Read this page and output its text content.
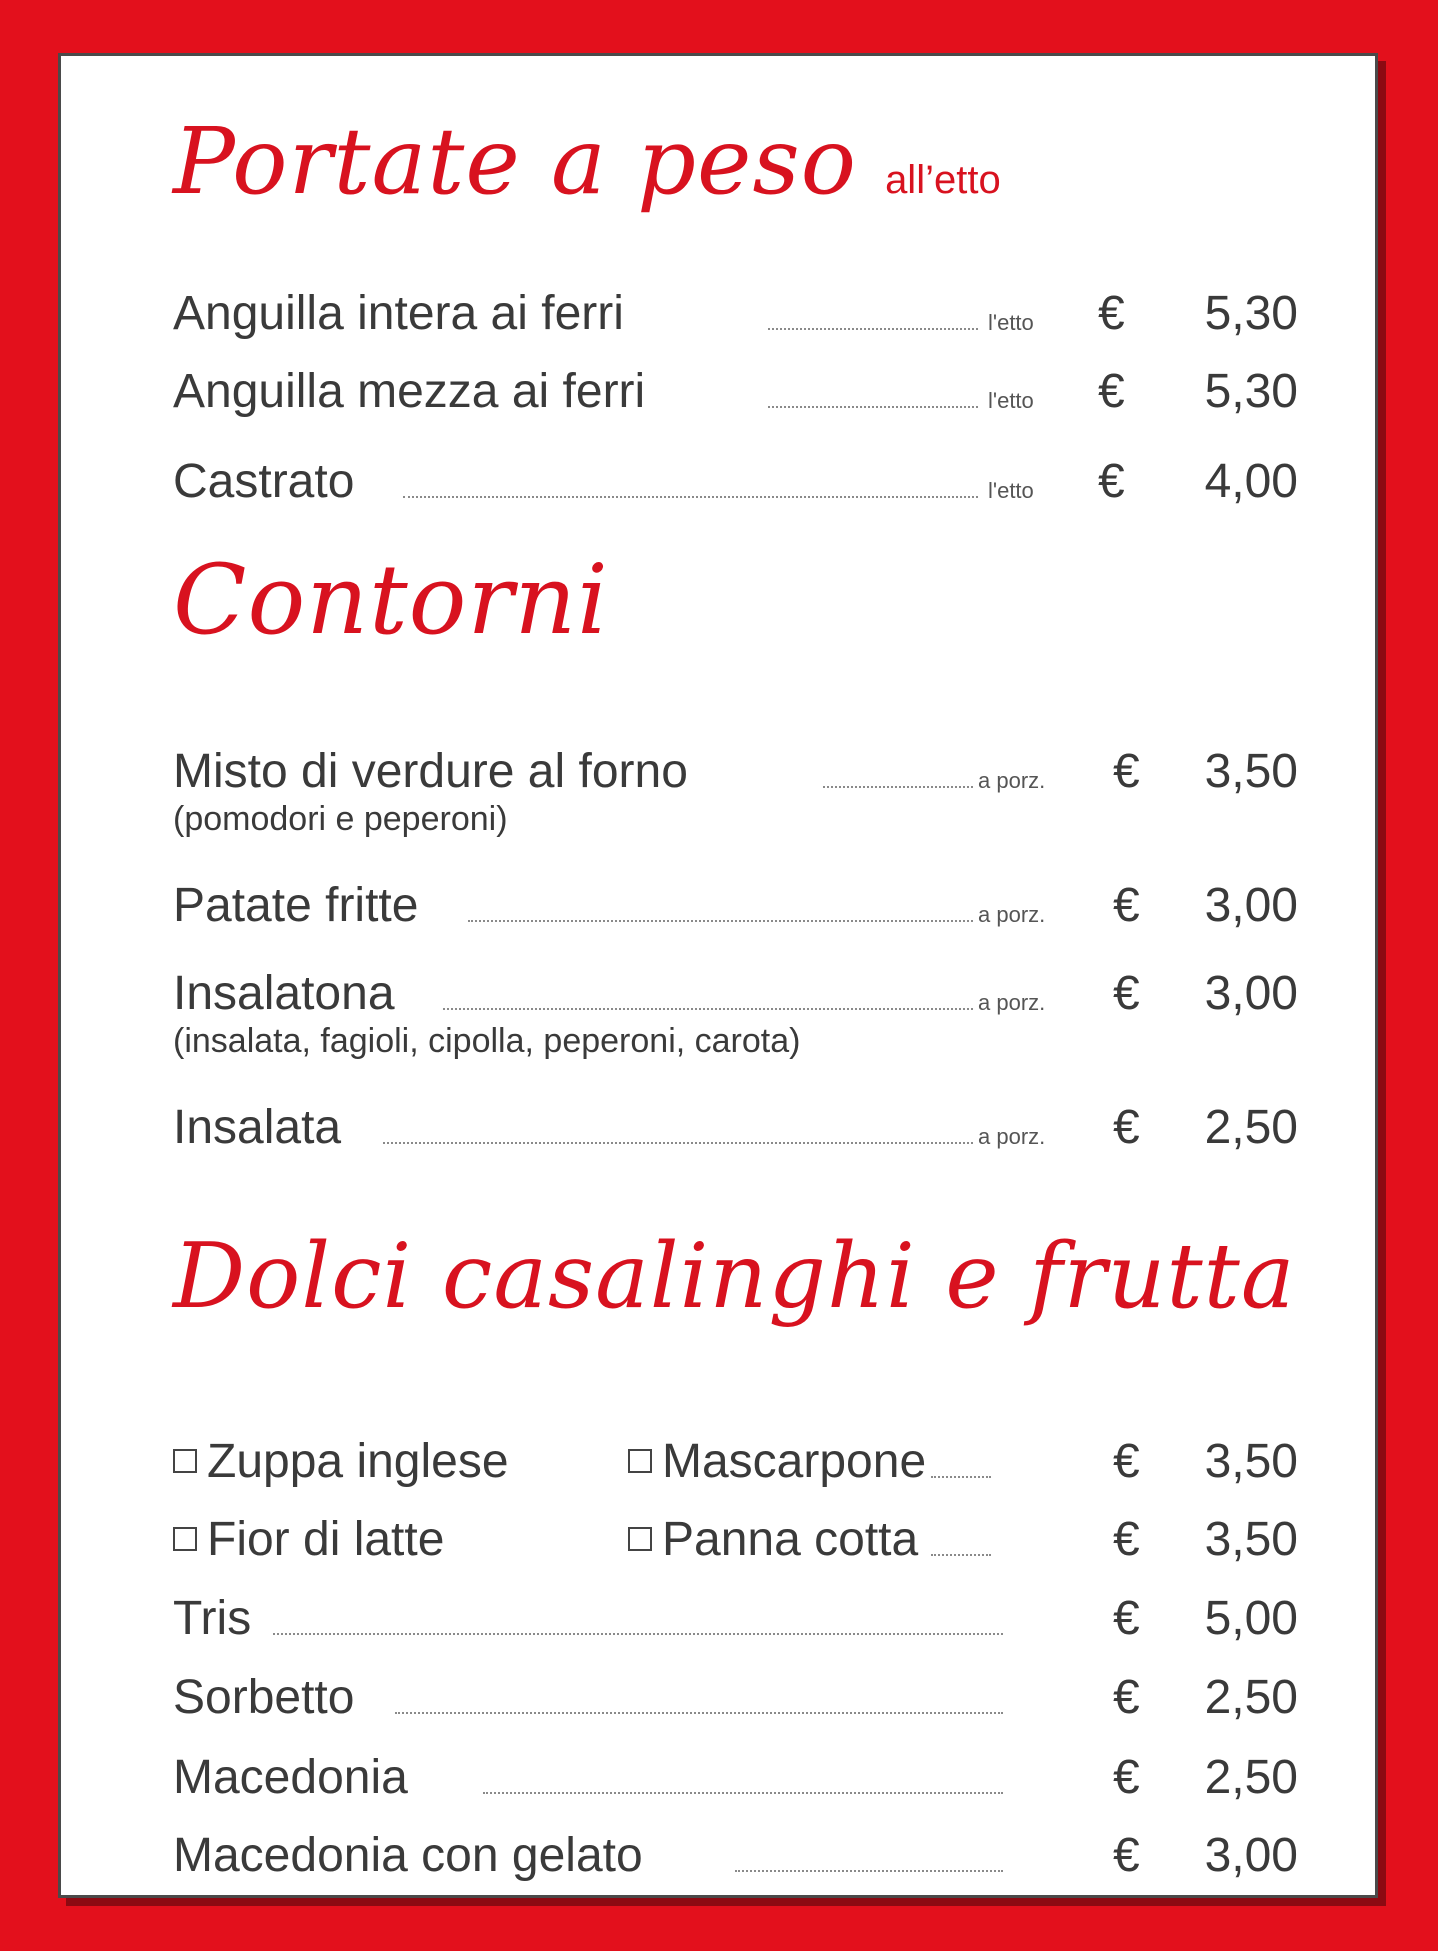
Portate a peso all’etto
Anguilla intera ai ferri	l'etto € 5,30
Anguilla mezza ai ferri	l'etto € 5,30
Castrato	l'etto € 4,00
Contorni
Misto di verdure al forno	a porz. € 3,50
(pomodori e peperoni)
Patate fritte	a porz. € 3,00
Insalatona	a porz. € 3,00
(insalata, fagioli, cipolla, peperoni, carota)
Insalata	a porz. € 2,50
Dolci casalinghi e frutta
Zuppa inglese	Mascarpone	€ 3,50
Fior di latte	Panna cotta	€ 3,50
Tris	€ 5,00
Sorbetto	€ 2,50
Macedonia	€ 2,50
Macedonia con gelato	€ 3,00
